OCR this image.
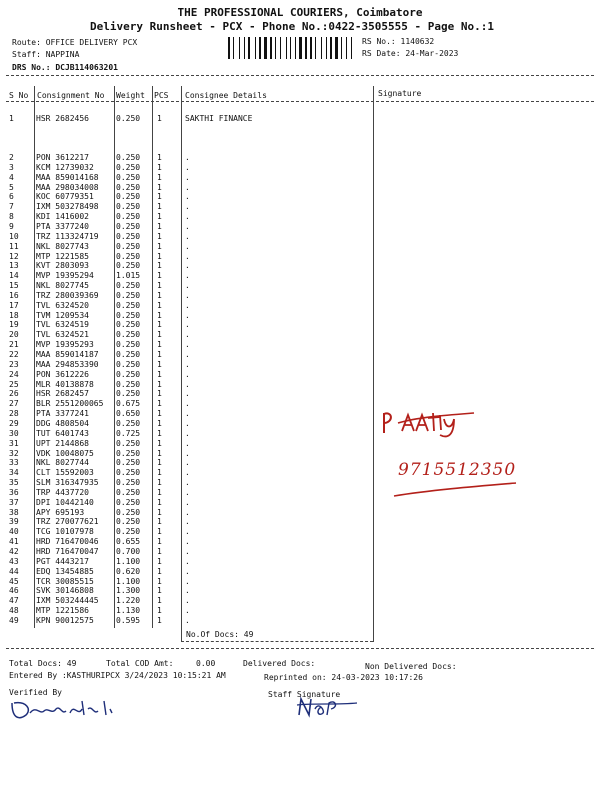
THE PROFESSIONAL COURIERS, Coimbatore
Delivery Runsheet - PCX - Phone No.:0422-3505555 - Page No.:1
Route: OFFICE DELIVERY PCX
Staff: NAPPINA
DRS No.: DCJB114063201
RS No.: 1140632
RS Date: 24-Mar-2023
S No Consignment No Weight PCS Consignee Details	Signature
1	HSR 2682456	0.250 1	SAKTHI FINANCE
2	PON 3612217	0.250 1	.
3	KCM 12739032	0.250 1	.
4	MAA 859014168 0.250 1	.
5	MAA 298034008 0.250 1	.
6	KOC 60779351	0.250 1	.
7	IXM 503278498 0.250 1	.
8	KDI 1416002	0.250 1	.
9	PTA 3377240	0.250 1	.
10 TRZ 113324719 0.250 1	.
11 NKL 8027743	0.250 1	.
12 MTP 1221585	0.250 1	.
13 KVT 2803093	0.250 1	.
14 MVP 19395294	1.015 1	.
15 NKL 8027745	0.250 1	.
16 TRZ 280039369 0.250 1	.
17 TVL 6324520	0.250 1	.
18 TVM 1209534	0.250 1	.
19 TVL 6324519	0.250 1	.
20 TVL 6324521	0.250 1	.
21 MVP 19395293	0.250 1	.
22 MAA 859014187 0.250 1	.
23 MAA 294853390 0.250 1	.
24 PON 3612226	0.250 1	.
25 MLR 40138878	0.250 1	.
26 HSR 2682457	0.250 1	.
27 BLR 2551200065 0.675 1	.
28 PTA 3377241	0.650 1	.
29 DDG 4808504	0.250 1	.
30 TUT 6401743	0.725 1	.
31 UPT 2144868	0.250 1	.
32 VDK 10048075	0.250 1	.
33 NKL 8027744	0.250 1	.
34 CLT 15592003	0.250 1	.
35 SLM 316347935 0.250 1	.
36 TRP 4437720	0.250 1	.
37 DPI 10442140	0.250 1	.
38 APY 695193	0.250 1	.
39 TRZ 270077621 0.250 1	.
40 TCG 10107978	0.250 1	.
41 HRD 716470046 0.655 1	.
42 HRD 716470047 0.700 1	.
43 PGT 4443217	1.100 1	.
44 EDQ 13454885	0.620 1	.
45 TCR 30085515	1.100 1	.
46 SVK 30146808	1.300 1	.
47 IXM 503244445 1.220 1	.
48 MTP 1221586	1.130 1	.
49 KPN 90012575	0.595 1	.
No.Of Docs: 49
Total Docs: 49	Total COD Amt:	0.00	Delivered Docs:	Non Delivered Docs:
Entered By :KASTHURIPCX 3/24/2023 10:15:21 AM	Reprinted on: 24-03-2023 10:17:26
Verified By	Staff Signature
9715512350
